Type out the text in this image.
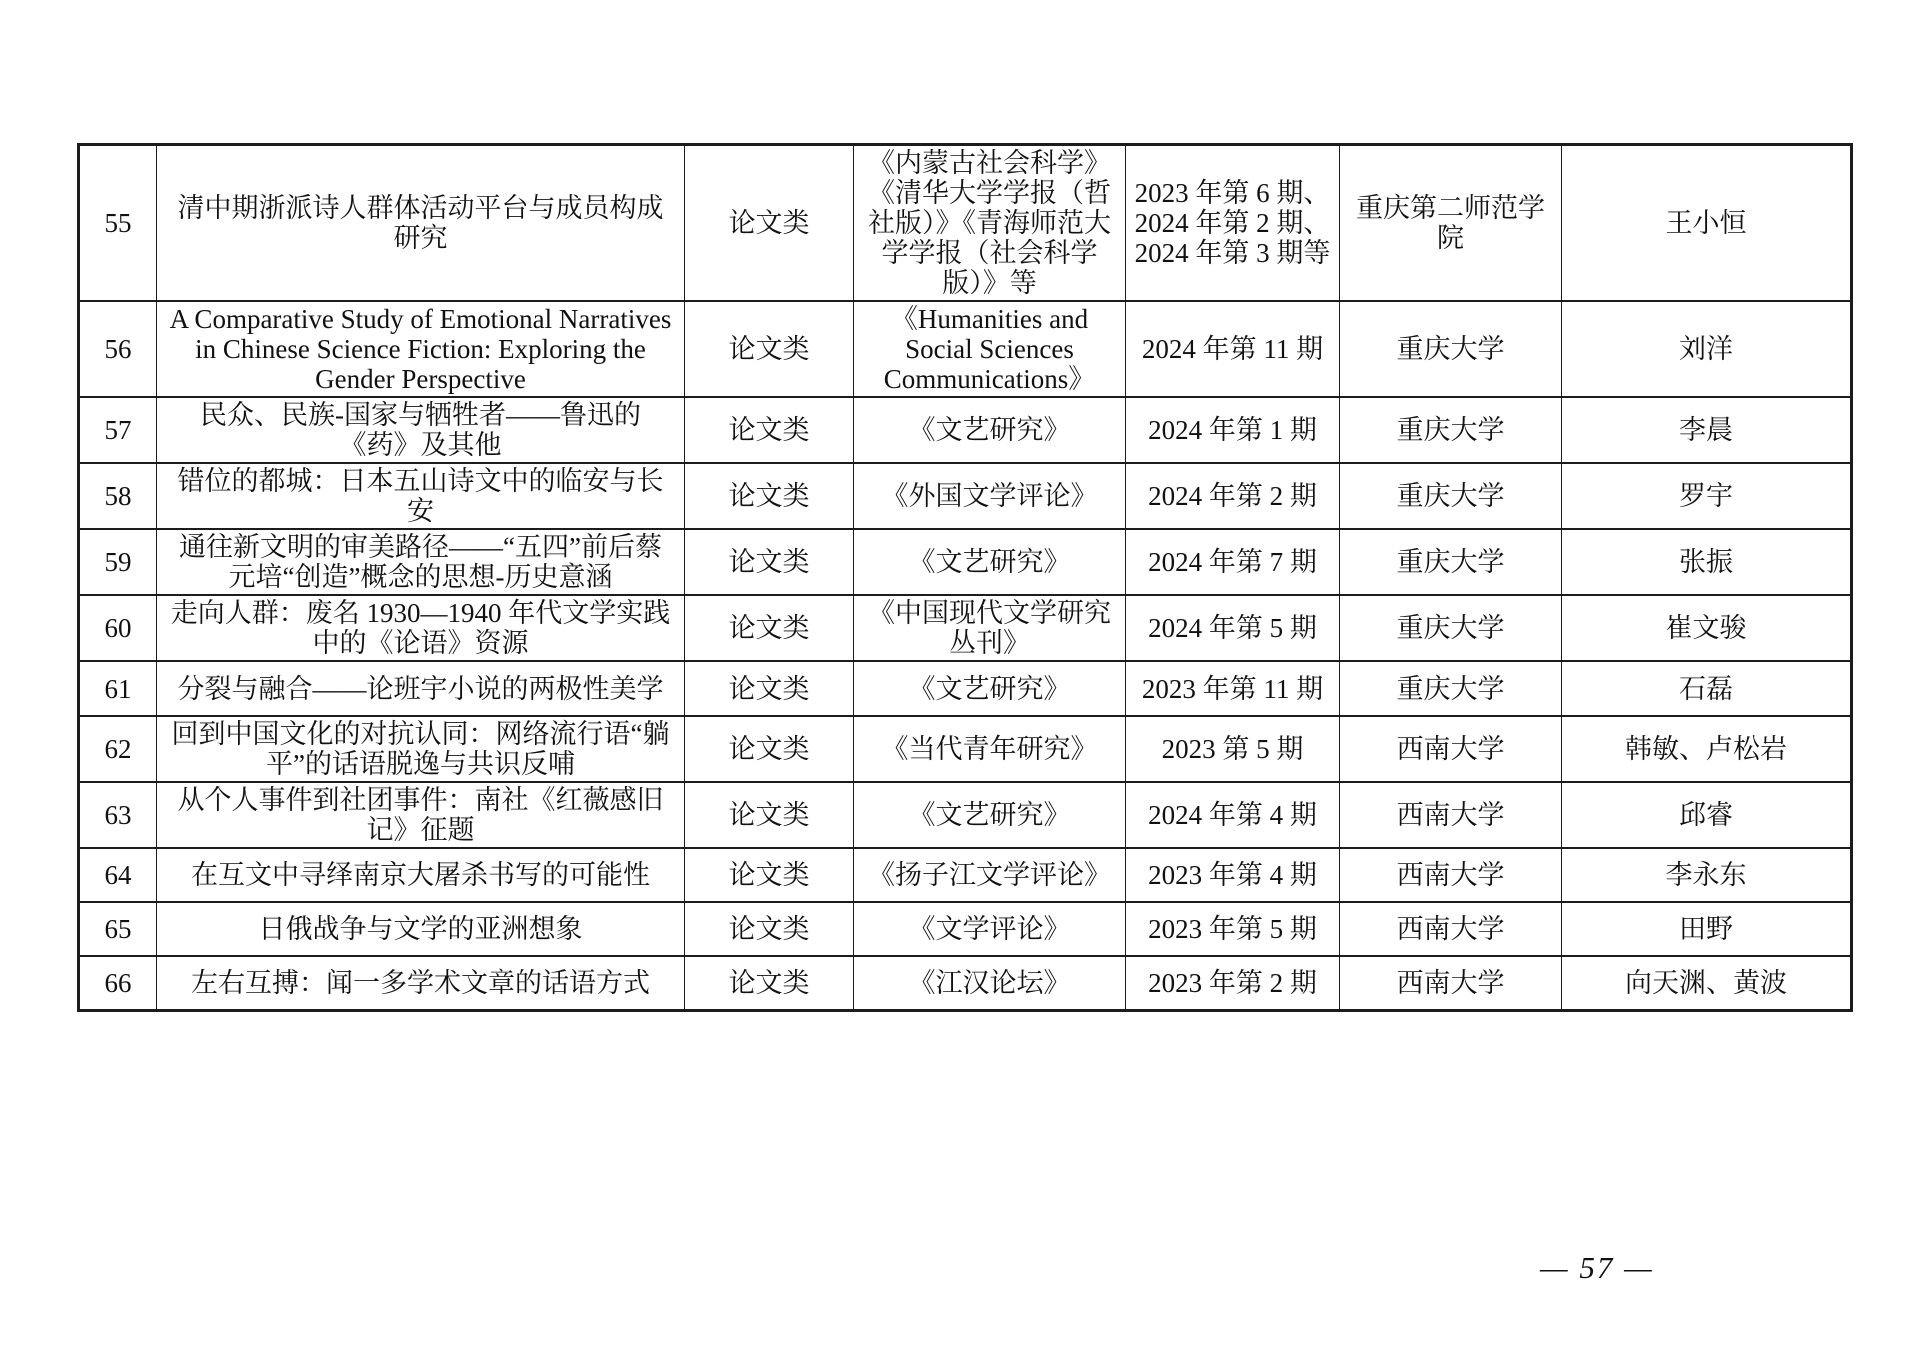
55	清中期浙派诗人群体活动平台与成员构成研究	论文类	《内蒙古社会科学》《清华大学学报（哲社版）》《青海师范大学学报（社会科学版）》等	2023 年第 6 期、2024 年第 2 期、2024 年第 3 期等	重庆第二师范学院	王小恒
56	A Comparative Study of Emotional Narratives in Chinese Science Fiction: Exploring the Gender Perspective	论文类	《Humanities and Social Sciences Communications》	2024 年第 11 期	重庆大学	刘洋
57	民众、民族-国家与牺牲者——鲁迅的《药》及其他	论文类	《文艺研究》	2024 年第 1 期	重庆大学	李晨
58	错位的都城：日本五山诗文中的临安与长安	论文类	《外国文学评论》	2024 年第 2 期	重庆大学	罗宇
59	通往新文明的审美路径——“五四”前后蔡元培“创造”概念的思想-历史意涵	论文类	《文艺研究》	2024 年第 7 期	重庆大学	张振
60	走向人群：废名 1930—1940 年代文学实践中的《论语》资源	论文类	《中国现代文学研究丛刊》	2024 年第 5 期	重庆大学	崔文骏
61	分裂与融合——论班宇小说的两极性美学	论文类	《文艺研究》	2023 年第 11 期	重庆大学	石磊
62	回到中国文化的对抗认同：网络流行语“躺平”的话语脱逸与共识反哺	论文类	《当代青年研究》	2023 第 5 期	西南大学	韩敏、卢松岩
63	从个人事件到社团事件：南社《红薇感旧记》征题	论文类	《文艺研究》	2024 年第 4 期	西南大学	邱睿
64	在互文中寻绎南京大屠杀书写的可能性	论文类	《扬子江文学评论》	2023 年第 4 期	西南大学	李永东
65	日俄战争与文学的亚洲想象	论文类	《文学评论》	2023 年第 5 期	西南大学	田野
66	左右互搏：闻一多学术文章的话语方式	论文类	《江汉论坛》	2023 年第 2 期	西南大学	向天渊、黄波
— 57 —
